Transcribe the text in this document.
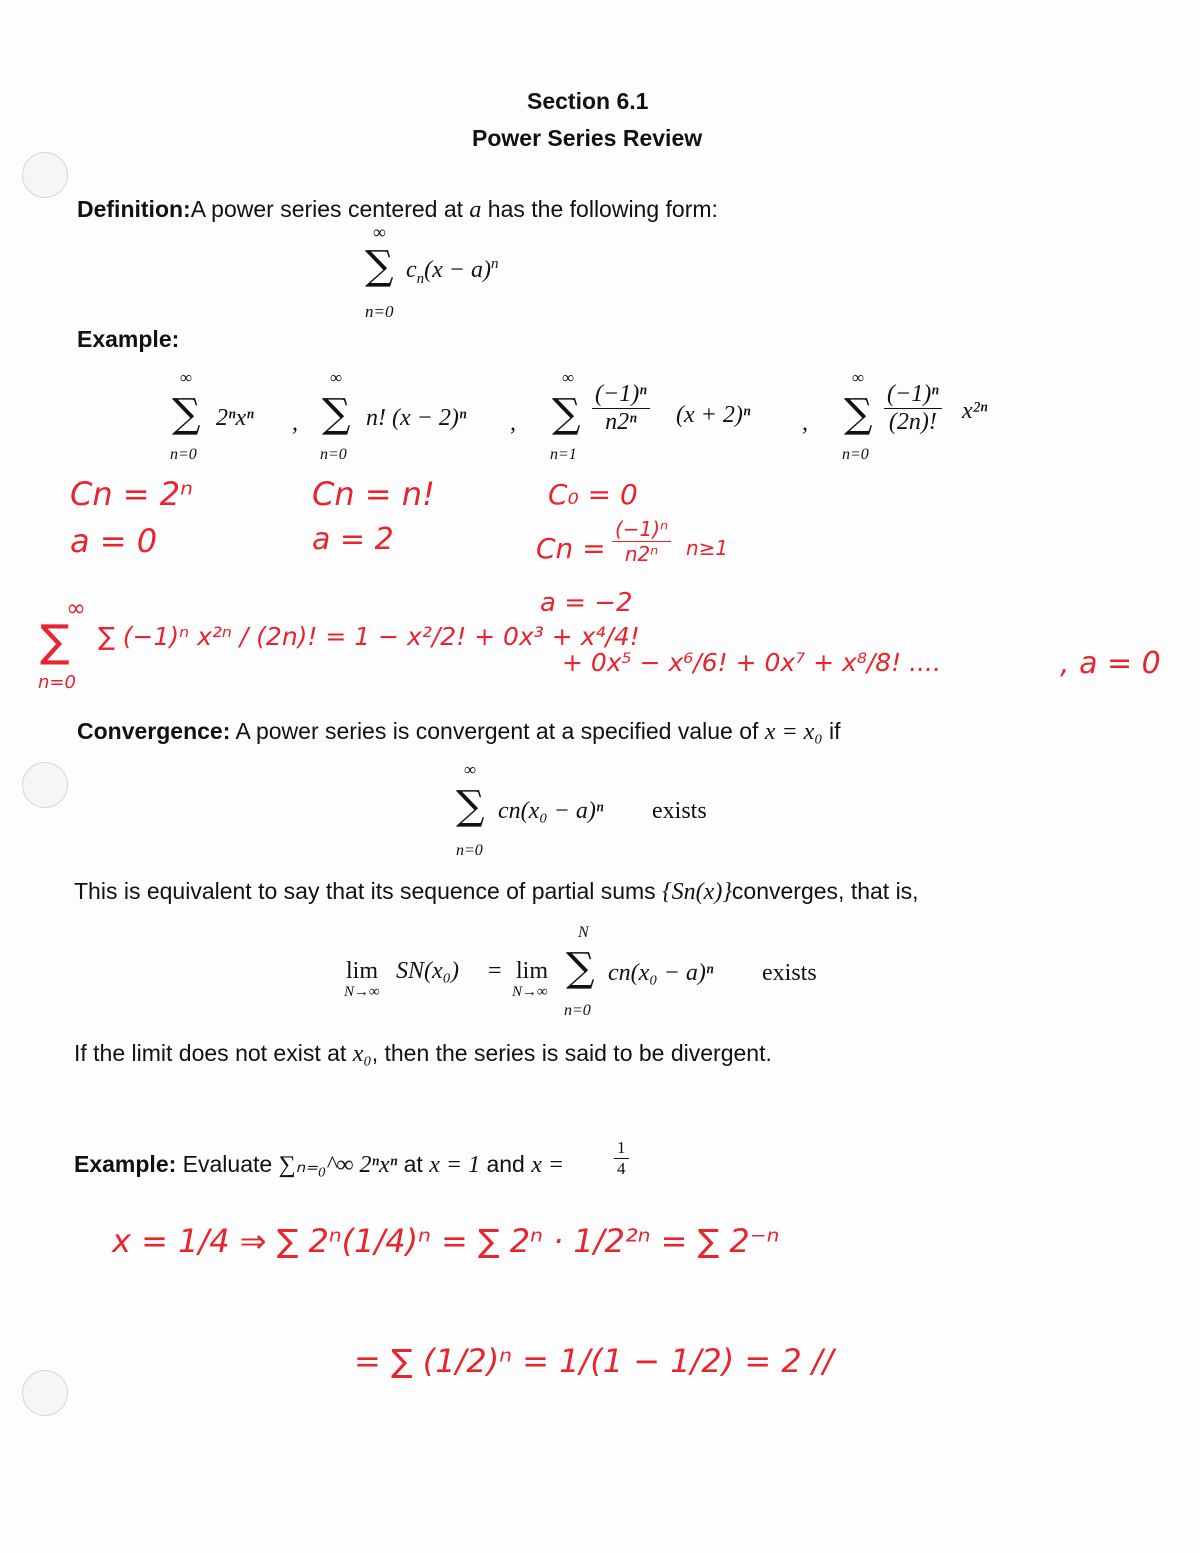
Section 6.1
Power Series Review
Definition:A power series centered at a has the following form:
∞
∑ $c_n(x - a)^n$
n=0
Example:
∞
∑ 2ⁿxⁿ
n=0
,
∞
∑ n! (x − 2)ⁿ
n=0
,
∞
∑ $\frac{\text{(−1)ⁿ}}{\text{n2ⁿ}} (x + 2)^n$
n=1
,
∞
∑ $\frac{\text{(−1)ⁿ}}{(2n)!} x^{2n}$
n=0
Cn = 2ⁿ
a = 0
Cn = n!
a = 2
C₀ = 0
$Cn = \frac{\text{(−1)ⁿ}}{\text{n2ⁿ}} n\ge 1$
a = −2
∞
∑
n=0
∑ (−1)ⁿ x²ⁿ / (2n)! = 1 − x²/2! + 0x³ + x⁴/4!
+ 0x⁵ − x⁶/6! + 0x⁷ + x⁸/8! ....	, a = 0
Convergence: A power series is convergent at a specified value of x = x₀ if
∞
∑ cn(x₀ − a)ⁿ exists
n=0
This is equivalent to say that its sequence of partial sums {Sn(x)}converges, that is,
lim
N→∞
SN(x₀) = lim
N→∞
N
∑
n=0
cn(x₀ − a)ⁿ exists
If the limit does not exist at x₀, then the series is said to be divergent.
Example: Evaluate ∑ₙ₌₀^∞ 2ⁿxⁿ at x = 1 and x =	$\frac{1}{4}$
x = 1/4 ⇒ ∑ 2ⁿ(1/4)ⁿ = ∑ 2ⁿ · 1/2²ⁿ = ∑ 2⁻ⁿ
= ∑ (1/2)ⁿ = 1/(1 − 1/2) = 2 //
